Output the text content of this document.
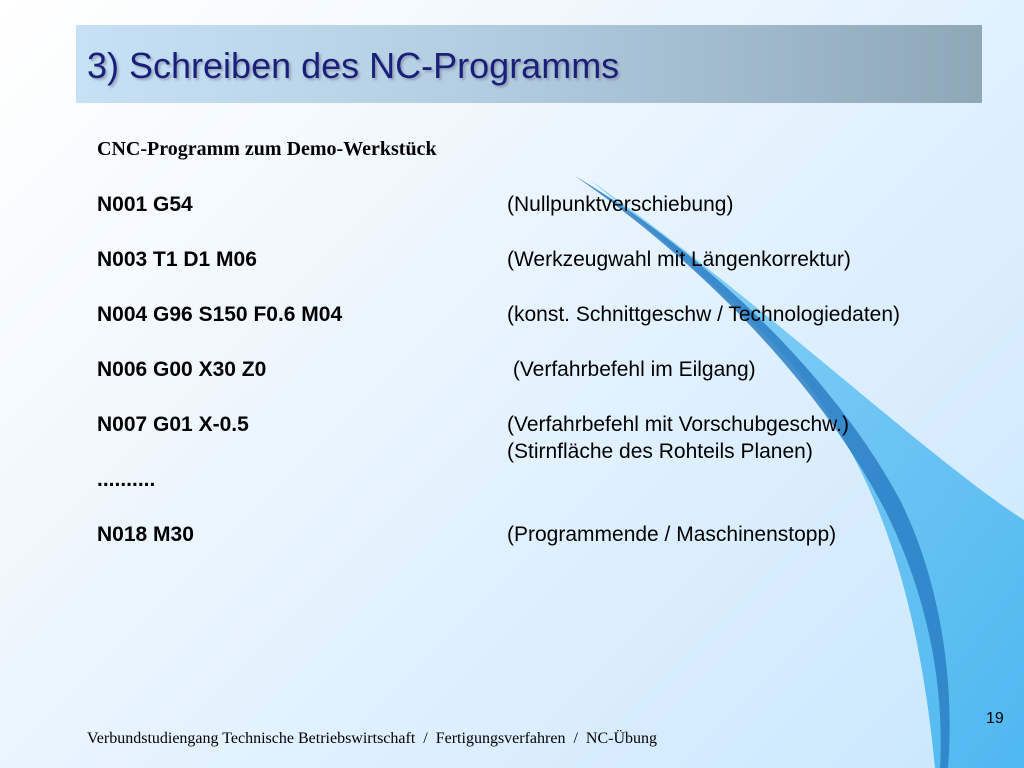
3) Schreiben des NC-Programms
CNC-Programm zum Demo-Werkstück
N001 G54	(Nullpunktverschiebung)
N003 T1 D1 M06	(Werkzeugwahl mit Längenkorrektur)
N004 G96 S150 F0.6 M04	(konst. Schnittgeschw / Technologiedaten)
N006 G00 X30 Z0	(Verfahrbefehl im Eilgang)
N007 G01 X-0.5	(Verfahrbefehl mit Vorschubgeschw.)
(Stirnfläche des Rohteils Planen)
..........
N018 M30	(Programmende / Maschinenstopp)
Verbundstudiengang Technische Betriebswirtschaft  /  Fertigungsverfahren  /  NC-Übung
19
